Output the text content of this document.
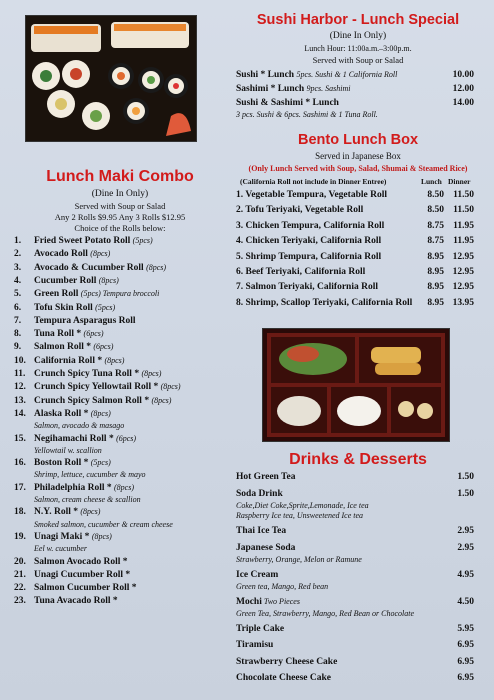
Sushi Harbor - Lunch Special
(Dine In Only)
Lunch Hour: 11:00a.m.–3:00p.m.
Served with Soup or Salad
Sushi * Lunch 5pcs. Sushi & 1 California Roll	10.00
Sashimi * Lunch 9pcs. Sashimi	12.00
Sushi & Sashimi * Lunch	14.00
3 pcs. Sushi & 6pcs. Sashimi & 1 Tuna Roll.
Bento Lunch Box
Served in Japanese Box
(Only Lunch Served with Soup, Salad, Shumai & Steamed Rice)
(California Roll not include in Dinner Entree)	Lunch Dinner
1. Vegetable Tempura, Vegetable Roll	8.50 11.50
2. Tofu Teriyaki, Vegetable Roll	8.50 11.50
3. Chicken Tempura, California Roll	8.75 11.95
4. Chicken Teriyaki, California Roll	8.75 11.95
5. Shrimp Tempura, California Roll	8.95 12.95
6. Beef Teriyaki, California Roll	8.95 12.95
7. Salmon Teriyaki, California Roll	8.95 12.95
8. Shrimp, Scallop Teriyaki, California Roll	8.95 13.95
Lunch Maki Combo
(Dine In Only)
Served with Soup or Salad
Any 2 Rolls $9.95 Any 3 Rolls $12.95
Choice of the Rolls below:
1. Fried Sweet Potato Roll (5pcs)
2. Avocado Roll (8pcs)
3. Avocado & Cucumber Roll (8pcs)
4. Cucumber Roll (8pcs)
5. Green Roll (5pcs) Tempura broccoli
6. Tofu Skin Roll (5pcs)
7. Tempura Asparagus Roll
8. Tuna Roll * (6pcs)
9. Salmon Roll * (6pcs)
10. California Roll * (8pcs)
11. Crunch Spicy Tuna Roll * (8pcs)
12. Crunch Spicy Yellowtail Roll * (8pcs)
13. Crunch Spicy Salmon Roll * (8pcs)
14. Alaska Roll * (8pcs)
Salmon, avocado & masago
15. Negihamachi Roll * (6pcs)
Yellowtail w. scallion
16. Boston Roll * (5pcs)
Shrimp, lettuce, cucumber & mayo
17. Philadelphia Roll * (8pcs)
Salmon, cream cheese & scallion
18. N.Y. Roll * (8pcs)
Smoked salmon, cucumber & cream cheese
19. Unagi Maki * (8pcs)
Eel w. cucumber
20. Salmon Avocado Roll *
21. Unagi Cucumber Roll *
22. Salmon Cucumber Roll *
23. Tuna Avacado Roll *
Drinks & Desserts
Hot Green Tea	1.50
Soda Drink	1.50
Coke,Diet Coke,Sprite,Lemonade, Ice tea
Raspberry Ice tea, Unsweetened Ice tea
Thai Ice Tea	2.95
Japanese Soda	2.95
Strawberry, Orange, Melon or Ramune
Ice Cream	4.95
Green tea, Mango, Red bean
Mochi Two Pieces	4.50
Green Tea, Strawberry, Mango, Red Bean or Chocolate
Triple Cake	5.95
Tiramisu	6.95
Strawberry Cheese Cake	6.95
Chocolate Cheese Cake	6.95
